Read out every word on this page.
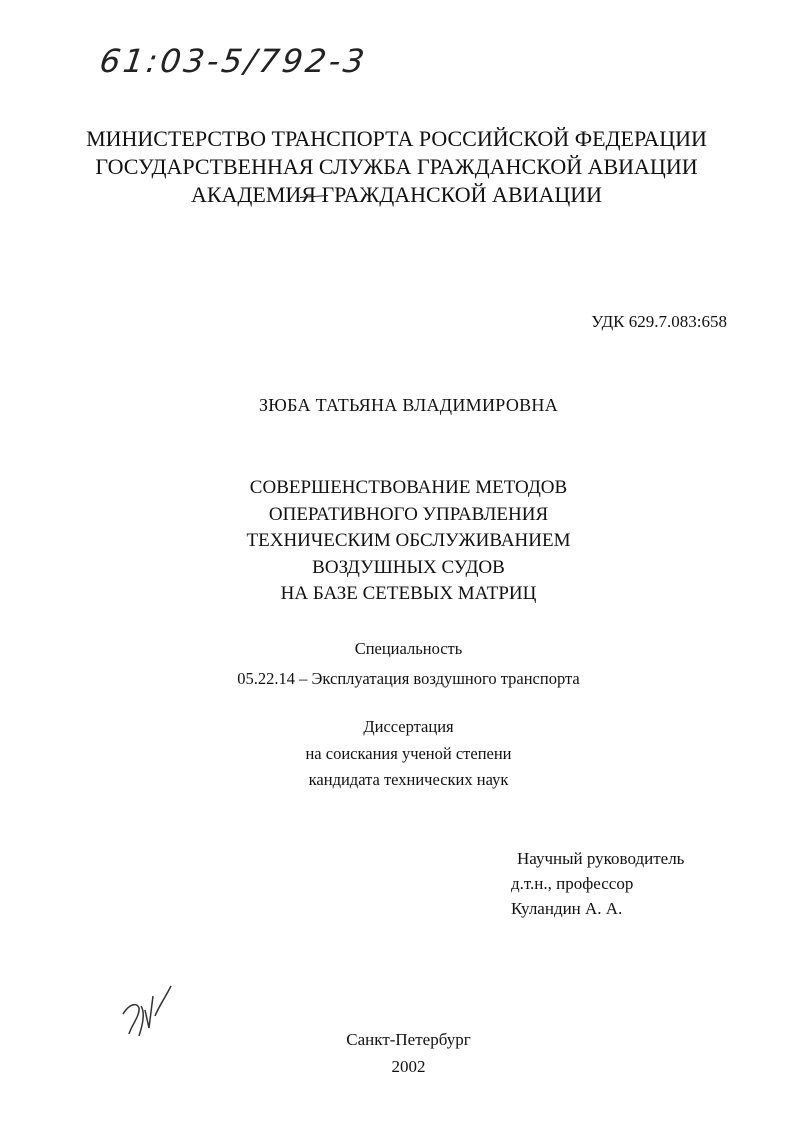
61:03-5/792-3
МИНИСТЕРСТВО ТРАНСПОРТА РОССИЙСКОЙ ФЕДЕРАЦИИ
ГОСУДАРСТВЕННАЯ СЛУЖБА ГРАЖДАНСКОЙ АВИАЦИИ
АКАДЕМИЯ ГРАЖДАНСКОЙ АВИАЦИИ
УДК 629.7.083:658
ЗЮБА ТАТЬЯНА ВЛАДИМИРОВНА
СОВЕРШЕНСТВОВАНИЕ МЕТОДОВ
ОПЕРАТИВНОГО УПРАВЛЕНИЯ
ТЕХНИЧЕСКИМ ОБСЛУЖИВАНИЕМ
ВОЗДУШНЫХ СУДОВ
НА БАЗЕ СЕТЕВЫХ МАТРИЦ
Специальность
05.22.14 – Эксплуатация воздушного транспорта
Диссертация
на соискания ученой степени
кандидата технических наук
Научный руководитель
д.т.н., профессор
Куландин А. А.
Санкт-Петербург
2002
